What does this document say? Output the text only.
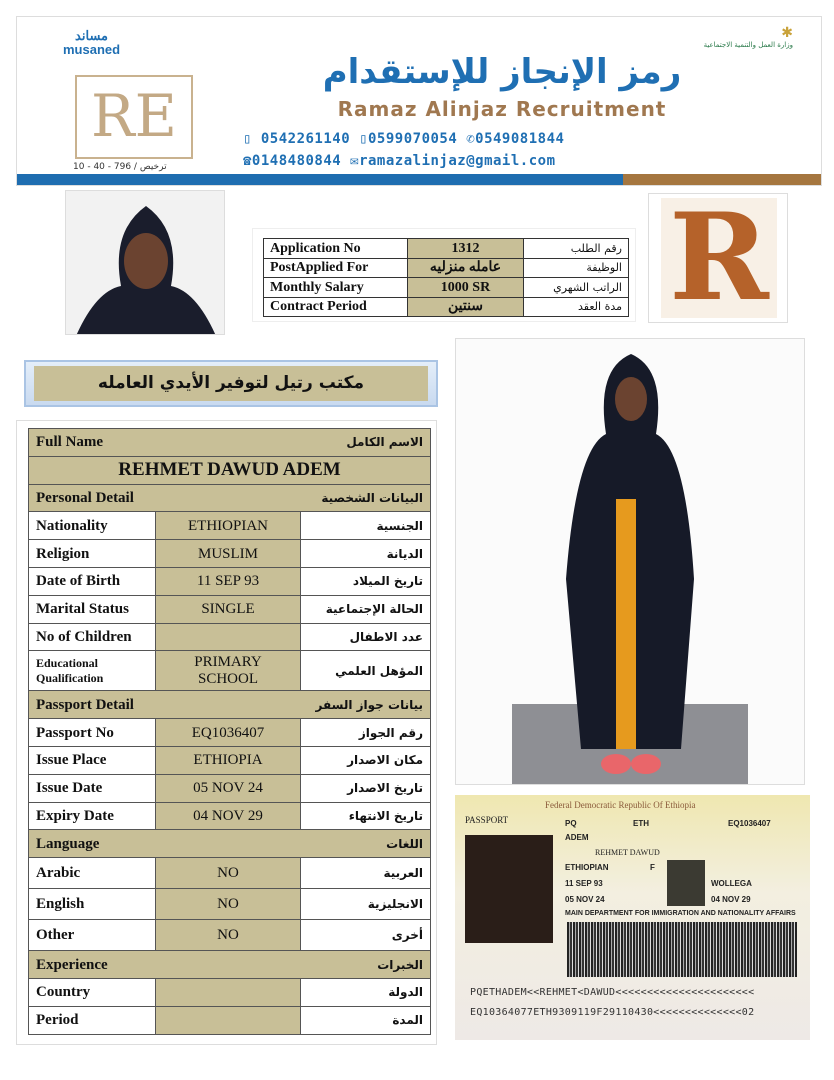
مساند
musaned
✱
وزارة العمل والتنمية الاجتماعية
RE
ترخيص / 796 - 40 - 10
رمز الإنجاز للإستقدام
Ramaz Alinjaz Recruitment
▯ 0542261140 ▯0599070054 ✆0549081844
☎0148480844 ✉ramazalinjaz@gmail.com
Application No	1312	رقم الطلب
PostApplied For	عامله منزليه	الوظيفة
Monthly Salary	1000 SR	الراتب الشهري
Contract Period	سنتين	مدة العقد R
مكتب رتيل لتوفير الأيدي العامله
Full Name الاسم الكامل		

REHMET DAWUD ADEM		

Personal Detail البيانات الشخصية		

Nationality	ETHIOPIAN	الجنسية
Religion	MUSLIM	الديانة
Date of Birth	11 SEP 93	تاريخ الميلاد
Marital Status	SINGLE	الحالة الإجتماعية
No of Children		عدد الاطفال
Educational Qualification	PRIMARY SCHOOL	المؤهل العلمي

Passport Detail بيانات جواز السفر		

Passport No	EQ1036407	رقم الجواز
Issue Place	ETHIOPIA	مكان الاصدار
Issue Date	05 NOV 24	تاريخ الاصدار
Expiry Date	04 NOV 29	تاريخ الانتهاء

Language اللغات		

Arabic	NO	العربية
English	NO	الانجليزية
Other	NO	أخرى

Experience الخبرات		

Country		الدولة
Period		المدة
Federal Democratic Republic Of Ethiopia
PASSPORT	PQ	ETH	EQ1036407
ADEM
REHMET DAWUD
ETHIOPIAN	F
11 SEP 93	WOLLEGA
05 NOV 24	04 NOV 29
MAIN DEPARTMENT FOR IMMIGRATION AND NATIONALITY AFFAIRS
PQETHADEM<<REHMET<DAWUD<<<<<<<<<<<<<<<<<<<<<<
EQ10364077ETH9309119F29110430<<<<<<<<<<<<<<02
